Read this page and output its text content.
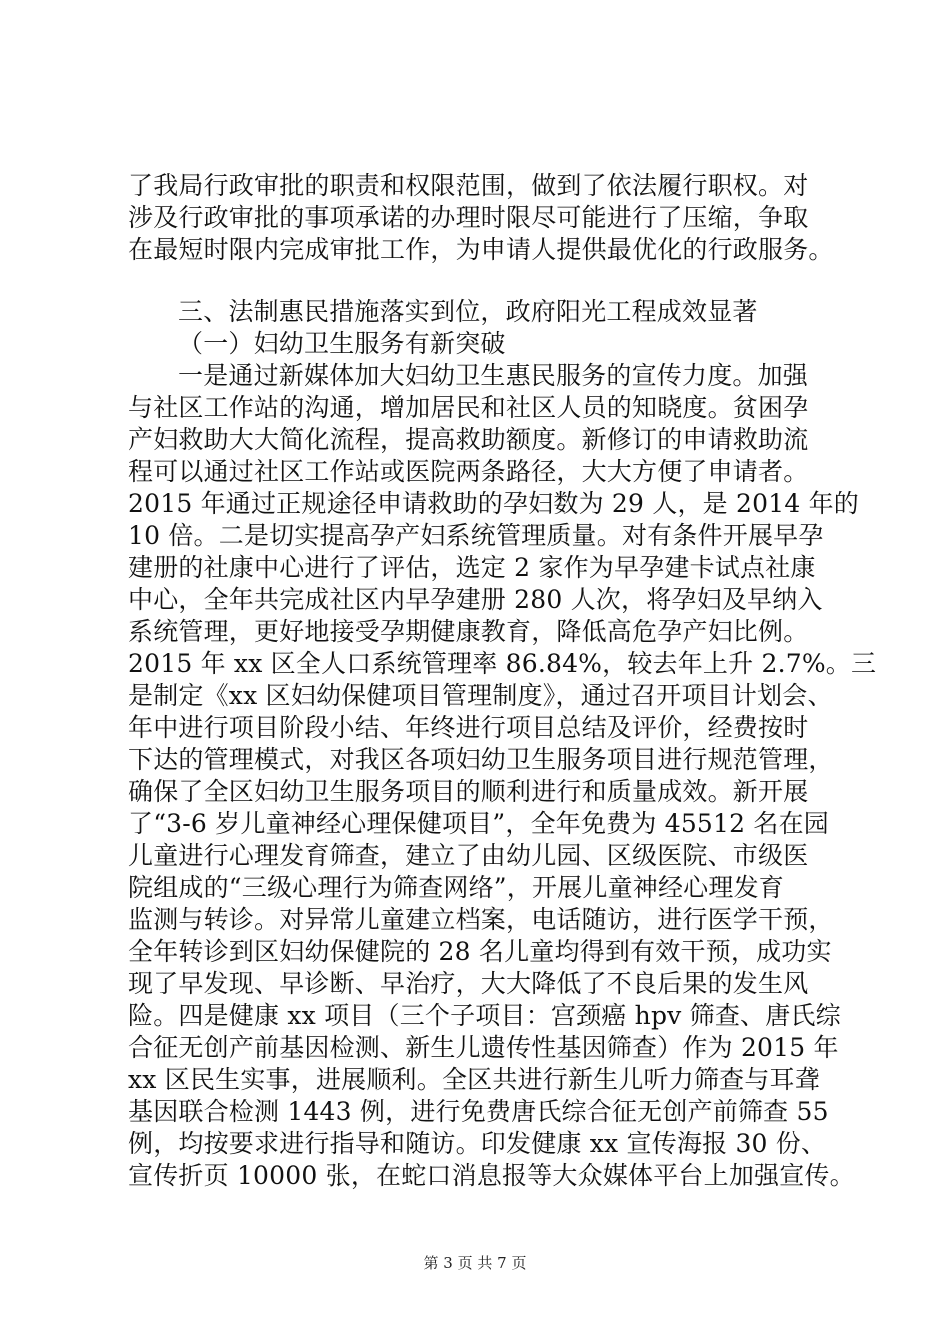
了我局行政审批的职责和权限范围，做到了依法履行职权。对
涉及行政审批的事项承诺的办理时限尽可能进行了压缩，争取
在最短时限内完成审批工作，为申请人提供最优化的行政服务。
三、法制惠民措施落实到位，政府阳光工程成效显著
（一）妇幼卫生服务有新突破
一是通过新媒体加大妇幼卫生惠民服务的宣传力度。加强
与社区工作站的沟通，增加居民和社区人员的知晓度。贫困孕
产妇救助大大简化流程，提高救助额度。新修订的申请救助流
程可以通过社区工作站或医院两条路径，大大方便了申请者。
2015 年通过正规途径申请救助的孕妇数为 29 人，是 2014 年的
10 倍。二是切实提高孕产妇系统管理质量。对有条件开展早孕
建册的社康中心进行了评估，选定 2 家作为早孕建卡试点社康
中心，全年共完成社区内早孕建册 280 人次，将孕妇及早纳入
系统管理，更好地接受孕期健康教育，降低高危孕产妇比例。
2015 年 xx 区全人口系统管理率 86.84%，较去年上升 2.7%。三
是制定《xx 区妇幼保健项目管理制度》，通过召开项目计划会、
年中进行项目阶段小结、年终进行项目总结及评价，经费按时
下达的管理模式，对我区各项妇幼卫生服务项目进行规范管理，
确保了全区妇幼卫生服务项目的顺利进行和质量成效。新开展
了“3-6 岁儿童神经心理保健项目”，全年免费为 45512 名在园
儿童进行心理发育筛查，建立了由幼儿园、区级医院、市级医
院组成的“三级心理行为筛查网络”，开展儿童神经心理发育
监测与转诊。对异常儿童建立档案，电话随访，进行医学干预，
全年转诊到区妇幼保健院的 28 名儿童均得到有效干预，成功实
现了早发现、早诊断、早治疗，大大降低了不良后果的发生风
险。四是健康 xx 项目（三个子项目：宫颈癌 hpv 筛查、唐氏综
合征无创产前基因检测、新生儿遗传性基因筛查）作为 2015 年
xx 区民生实事，进展顺利。全区共进行新生儿听力筛查与耳聋
基因联合检测 1443 例，进行免费唐氏综合征无创产前筛查 55
例，均按要求进行指导和随访。印发健康 xx 宣传海报 30 份、
宣传折页 10000 张，在蛇口消息报等大众媒体平台上加强宣传。
第 3 页 共 7 页
